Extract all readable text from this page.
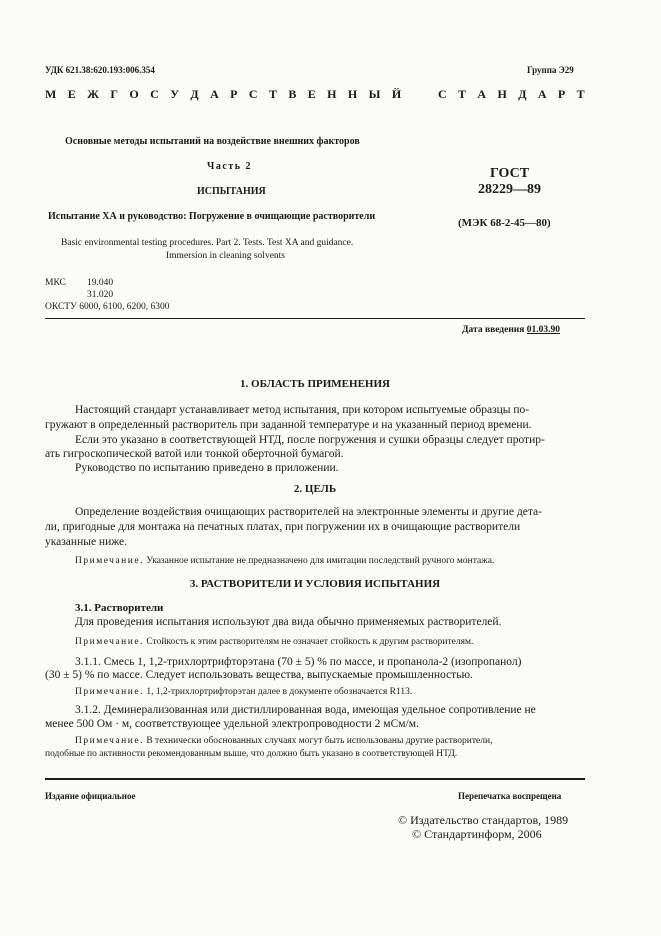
УДК 621.38:620.193:006.354	Группа Э29
М Е Ж Г О С У Д А Р С Т В Е Н Н Ы Й	С Т А Н Д А Р Т
Основные методы испытаний на воздействие внешних факторов
Часть 2
ИСПЫТАНИЯ
Испытание ХА и руководство: Погружение в очищающие растворители
ГОСТ
28229—89
(МЭК 68-2-45—80)
Basic environmental testing procedures. Part 2. Tests. Test XA and guidance.
Immersion in cleaning solvents
МКС 19.040
31.020
ОКСТУ 6000, 6100, 6200, 6300
Дата введения 01.03.90
1. ОБЛАСТЬ ПРИМЕНЕНИЯ
Настоящий стандарт устанавливает метод испытания, при котором испытуемые образцы по-
гружают в определенный растворитель при заданной температуре и на указанный период времени.
Если это указано в соответствующей НТД, после погружения и сушки образцы следует протир-
ать гигроскопической ватой или тонкой оберточной бумагой.
Руководство по испытанию приведено в приложении.
2. ЦЕЛЬ
Определение воздействия очищающих растворителей на электронные элементы и другие дета-
ли, пригодные для монтажа на печатных платах, при погружении их в очищающие растворители
указанные ниже.
Примечание. Указанное испытание не предназначено для имитации последствий ручного монтажа.
3. РАСТВОРИТЕЛИ И УСЛОВИЯ ИСПЫТАНИЯ
3.1. Растворители
Для проведения испытания используют два вида обычно применяемых растворителей.
Примечание. Стойкость к этим растворителям не означает стойкость к другим растворителям.
3.1.1. Смесь 1, 1,2-трихлортрифторэтана (70 ± 5) % по массе, и пропанола-2 (изопропанол)
(30 ± 5) % по массе. Следует использовать вещества, выпускаемые промышленностью.
Примечание. 1, 1,2-трихлортрифторэтан далее в документе обозначается R113.
3.1.2. Деминерализованная или дистиллированная вода, имеющая удельное сопротивление не
менее 500 Ом · м, соответствующее удельной электропроводности 2 мСм/м.
Примечание. В технически обоснованных случаях могут быть использованы другие растворители,
подобные по активности рекомендованным выше, что должно быть указано в соответствующей НТД.
Издание официальное	Перепечатка воспрещена
© Издательство стандартов, 1989
© Стандартинформ, 2006
